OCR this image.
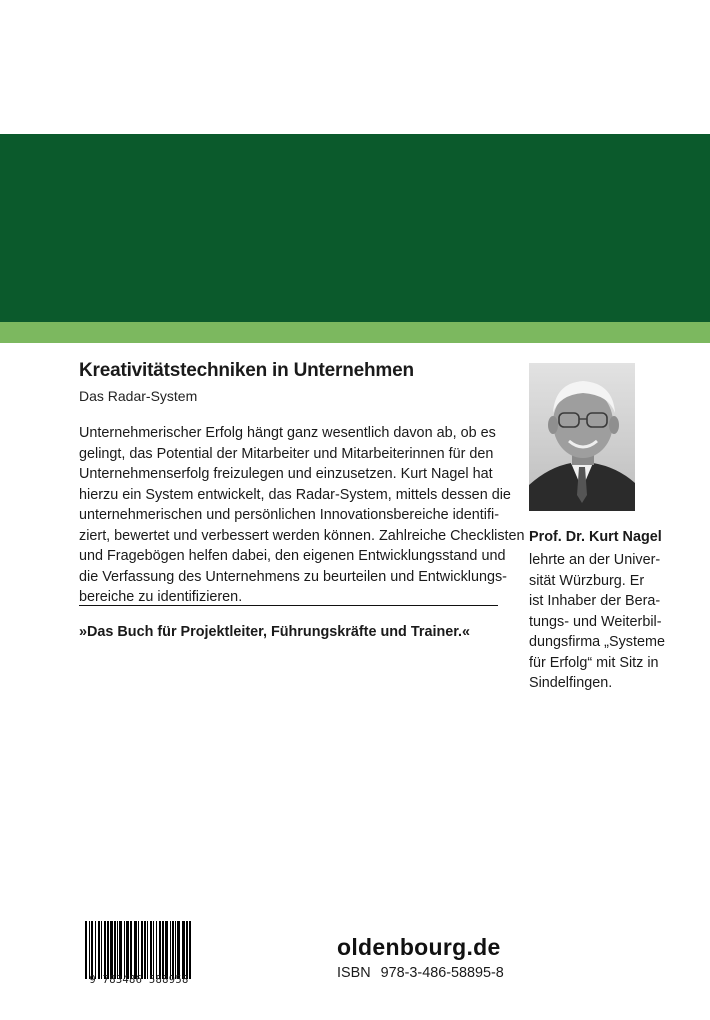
Kreativitätstechniken in Unternehmen
Das Radar-System
Unternehmerischer Erfolg hängt ganz wesentlich davon ab, ob es
gelingt, das Potential der Mitarbeiter und Mitarbeiterinnen für den
Unternehmenserfolg freizulegen und einzusetzen. Kurt Nagel hat
hierzu ein System entwickelt, das Radar-System, mittels dessen die
unternehmerischen und persönlichen Innovationsbereiche identifi-
ziert, bewertet und verbessert werden können. Zahlreiche Checklisten
und Fragebögen helfen dabei, den eigenen Entwicklungsstand und
die Verfassung des Unternehmens zu beurteilen und Entwicklungs-
bereiche zu identifizieren.
»Das Buch für Projektleiter, Führungskräfte und Trainer.«
Prof. Dr. Kurt Nagel
lehrte an der Univer-
sität Würzburg. Er
ist Inhaber der Bera-
tungs- und Weiterbil-
dungsfirma „Systeme
für Erfolg“ mit Sitz in
Sindelfingen.
9 783486 588958
oldenbourg.de
ISBN 978-3-486-58895-8
